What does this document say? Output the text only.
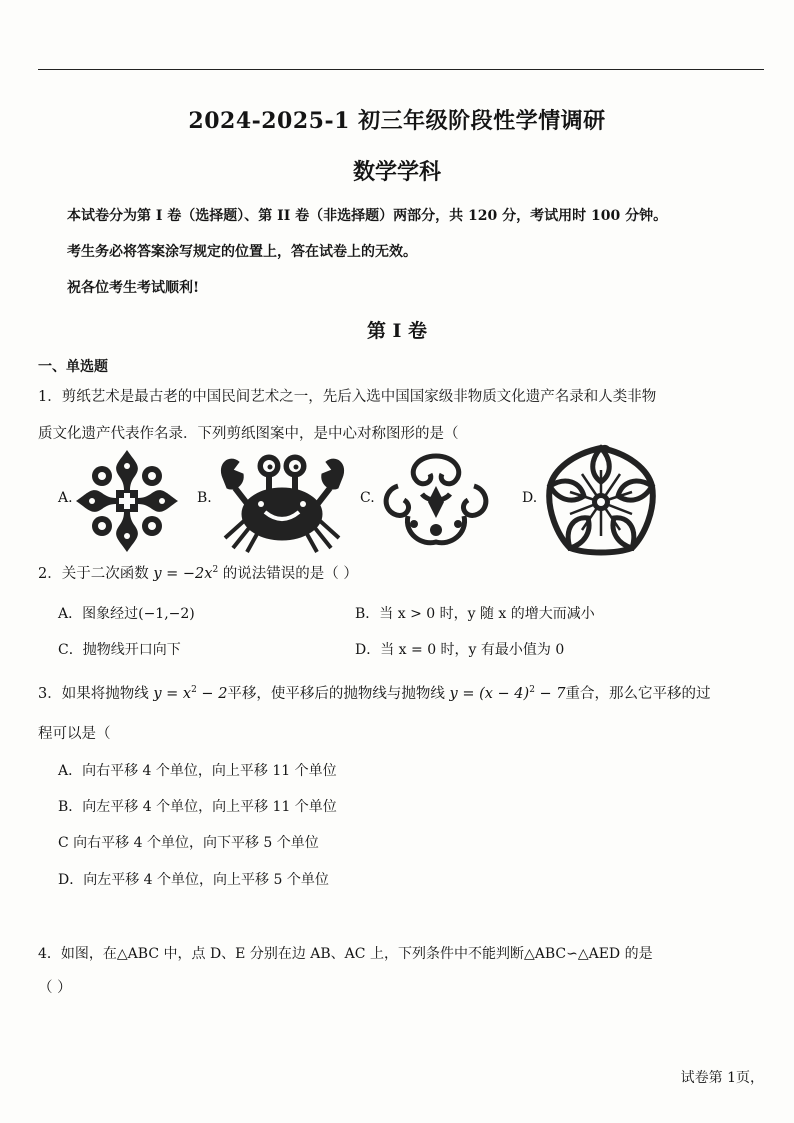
2024-2025-1 初三年级阶段性学情调研
数学学科
本试卷分为第 I 卷（选择题）、第 II 卷（非选择题）两部分，共 120 分，考试用时 100 分钟。
考生务必将答案涂写规定的位置上，答在试卷上的无效。
祝各位考生考试顺利!
第 I 卷
一、单选题
1．剪纸艺术是最古老的中国民间艺术之一，先后入选中国国家级非物质文化遗产名录和人类非物
质文化遗产代表作名录．下列剪纸图案中，是中心对称图形的是（
A.	B.	C.	D.
2．关于二次函数 $y = -2x^2$ 的说法错误的是（ ）
A．图象经过(−1,−2)	B．当 x > 0 时，y 随 x 的增大而减小
C．抛物线开口向下	D．当 x = 0 时，y 有最小值为 0
3．如果将抛物线 $y = x^2 - 2$平移，使平移后的抛物线与抛物线 $y = (x - 4)^2 - 7$重合，那么它平移的过
程可以是（
A．向右平移 4 个单位，向上平移 11 个单位
B．向左平移 4 个单位，向上平移 11 个单位
C 向右平移 4 个单位，向下平移 5 个单位
D．向左平移 4 个单位，向上平移 5 个单位
4．如图，在△ABC 中，点 D、E 分别在边 AB、AC 上，下列条件中不能判断△ABC∽△AED 的是
（ ）
试卷第 1页，
